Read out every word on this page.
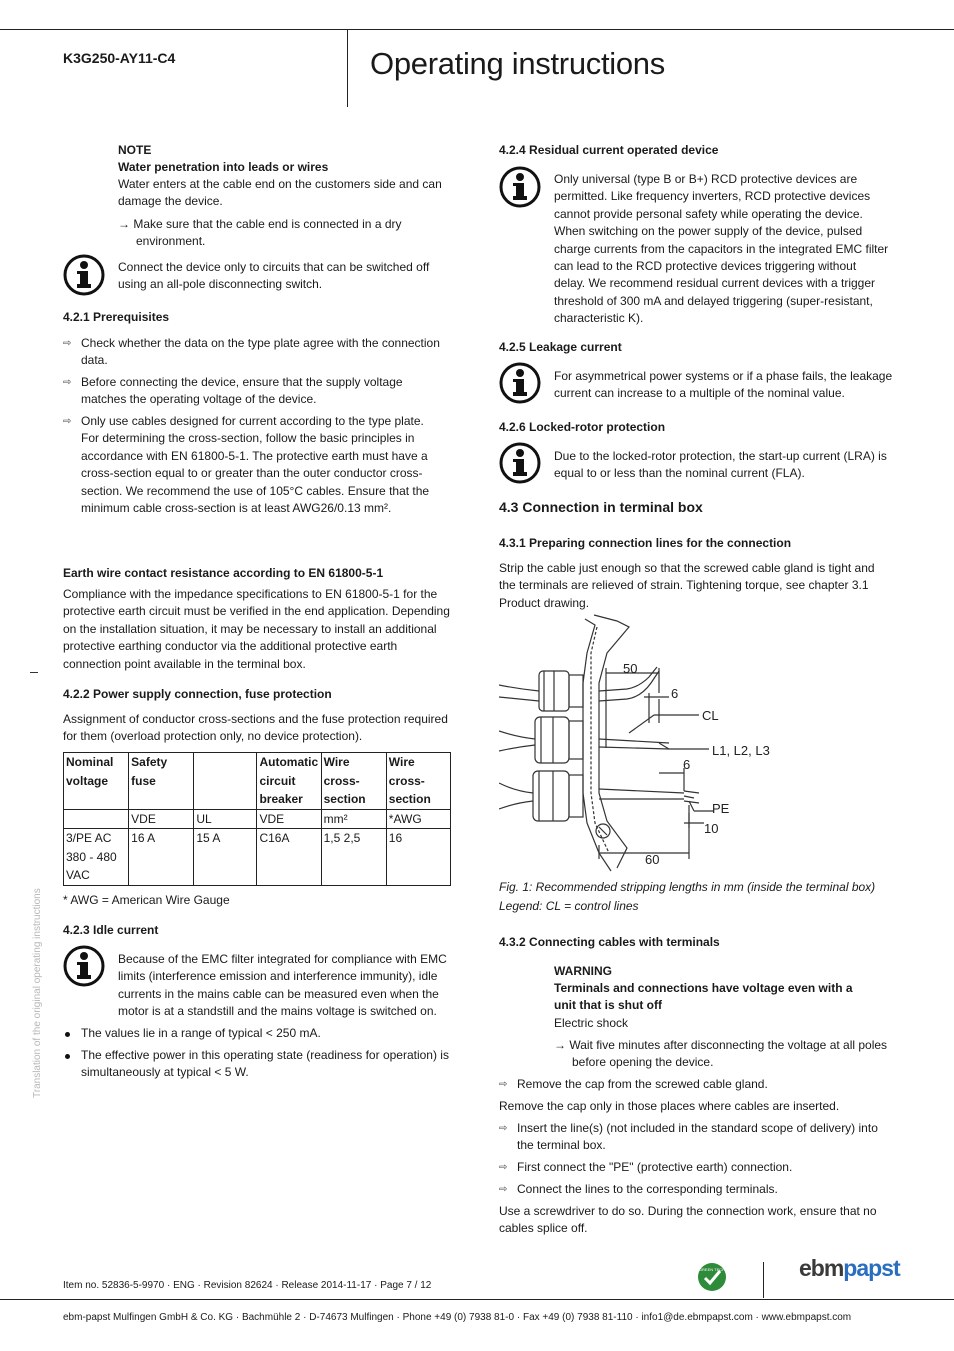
K3G250-AY11-C4	Operating instructions
Translation of the original operating instructions
NOTE
Water penetration into leads or wires
Water enters at the cable end on the customers side and can damage the device.
→ Make sure that the cable end is connected in a dry environment.
Connect the device only to circuits that can be switched off using an all-pole disconnecting switch.
4.2.1 Prerequisites
⇨ Check whether the data on the type plate agree with the connection data.
⇨ Before connecting the device, ensure that the supply voltage matches the operating voltage of the device.
⇨ Only use cables designed for current according to the type plate. For determining the cross-section, follow the basic principles in accordance with EN 61800-5-1. The protective earth must have a cross-section equal to or greater than the outer conductor cross-section. We recommend the use of 105°C cables. Ensure that the minimum cable cross-section is at least AWG26/0.13 mm².
Earth wire contact resistance according to EN 61800-5-1
Compliance with the impedance specifications to EN 61800-5-1 for the protective earth circuit must be verified in the end application. Depending on the installation situation, it may be necessary to install an additional protective earthing conductor via the additional protective earth connection point available in the terminal box.
4.2.2 Power supply connection, fuse protection
Assignment of conductor cross-sections and the fuse protection required for them (overload protection only, no device protection).
Nominal voltage	Safety fuse		Automatic circuit breaker	Wire cross-section	Wire cross-section
	VDE	UL	VDE	mm²	*AWG
3/PE AC 380 - 480 VAC	16 A	15 A	C16A	1,5 2,5	16
* AWG = American Wire Gauge
4.2.3 Idle current
Because of the EMC filter integrated for compliance with EMC limits (interference emission and interference immunity), idle currents in the mains cable can be measured even when the motor is at a standstill and the mains voltage is switched on.
The values lie in a range of typical < 250 mA.
The effective power in this operating state (readiness for operation) is simultaneously at typical < 5 W.
4.2.4 Residual current operated device
Only universal (type B or B+) RCD protective devices are permitted. Like frequency inverters, RCD protective devices cannot provide personal safety while operating the device. When switching on the power supply of the device, pulsed charge currents from the capacitors in the integrated EMC filter can lead to the RCD protective devices triggering without delay. We recommend residual current devices with a trigger threshold of 300 mA and delayed triggering (super-resistant, characteristic K).
4.2.5 Leakage current
For asymmetrical power systems or if a phase fails, the leakage current can increase to a multiple of the nominal value.
4.2.6 Locked-rotor protection
Due to the locked-rotor protection, the start-up current (LRA) is equal to or less than the nominal current (FLA).
4.3 Connection in terminal box
4.3.1 Preparing connection lines for the connection
Strip the cable just enough so that the screwed cable gland is tight and the terminals are relieved of strain. Tightening torque, see chapter 3.1 Product drawing.
50
6
CL
L1, L2, L3
6
PE
10
60
Fig. 1: Recommended stripping lengths in mm (inside the terminal box)
Legend: CL = control lines
4.3.2 Connecting cables with terminals
WARNING
Terminals and connections have voltage even with a unit that is shut off
Electric shock
→ Wait five minutes after disconnecting the voltage at all poles before opening the device.
⇨ Remove the cap from the screwed cable gland.
Remove the cap only in those places where cables are inserted.
⇨ Insert the line(s) (not included in the standard scope of delivery) into the terminal box.
⇨ First connect the "PE" (protective earth) connection.
⇨ Connect the lines to the corresponding terminals.
Use a screwdriver to do so. During the connection work, ensure that no cables splice off.
Item no. 52836-5-9970 · ENG · Revision 82624 · Release 2014-11-17 · Page 7 / 12
GREEN TECH	ebmpapst
ebm-papst Mulfingen GmbH & Co. KG · Bachmühle 2 · D-74673 Mulfingen · Phone +49 (0) 7938 81-0 · Fax +49 (0) 7938 81-110 · info1@de.ebmpapst.com · www.ebmpapst.com
